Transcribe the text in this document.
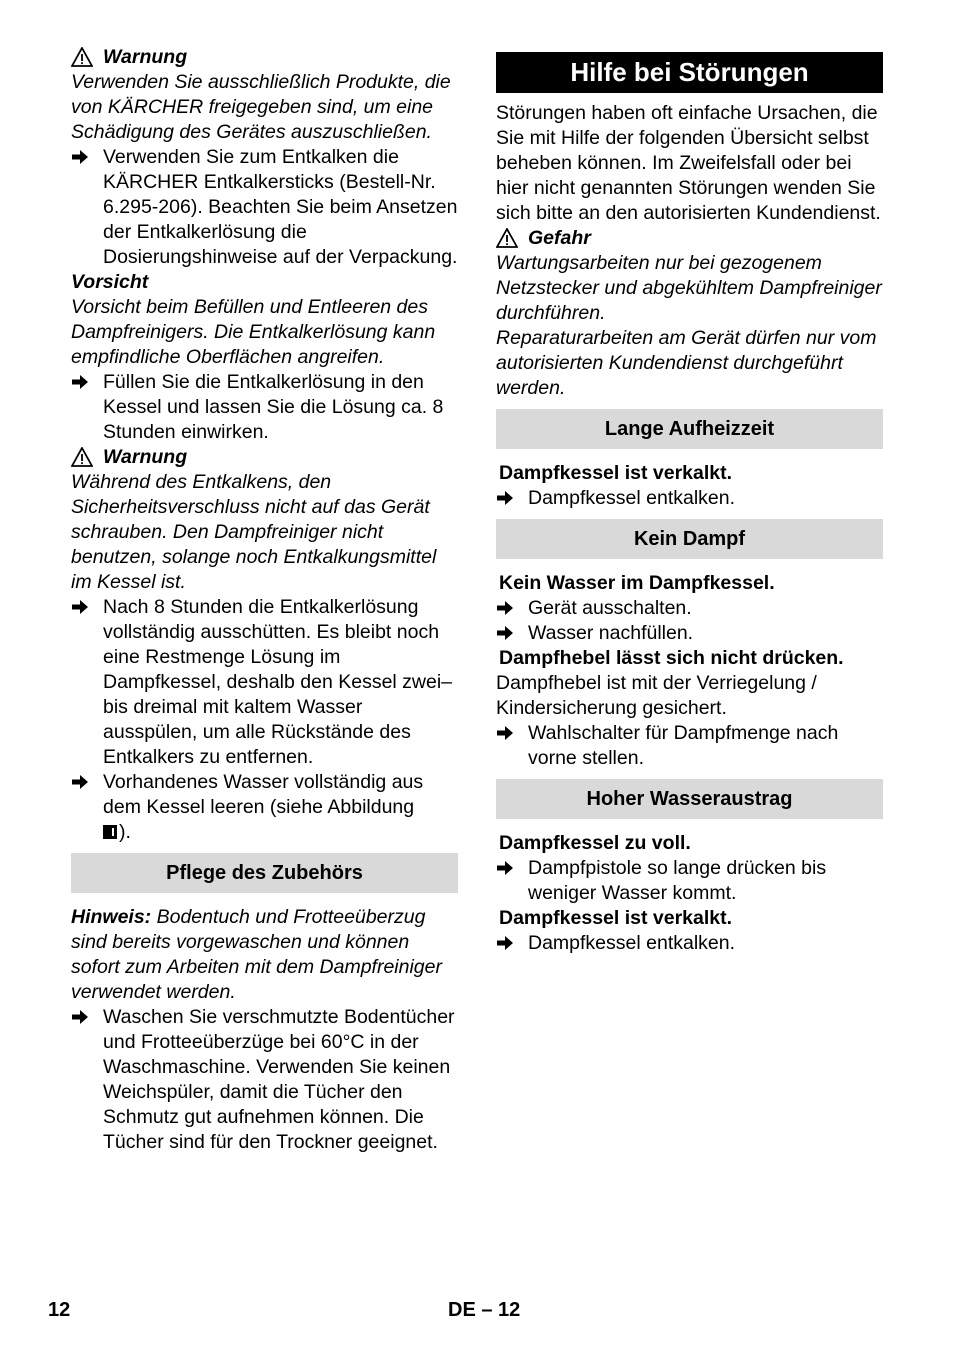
Warnung

Verwenden Sie ausschließlich Produkte, die von KÄRCHER freigegeben sind, um eine Schädigung des Gerätes auszuschließen.

Verwenden Sie zum Entkalken die KÄRCHER Entkalkersticks (Bestell-Nr. 6.295-206). Beachten Sie beim Ansetzen der Entkalkerlösung die Dosierungshinweise auf der Verpackung.

Vorsicht

Vorsicht beim Befüllen und Entleeren des Dampfreinigers. Die Entkalkerlösung kann empfindliche Oberflächen angreifen.

Füllen Sie die Entkalkerlösung in den Kessel und lassen Sie die Lösung ca. 8 Stunden einwirken.
Warnung

Während des Entkalkens, den Sicherheitsverschluss nicht auf das Gerät schrauben. Den Dampfreiniger nicht benutzen, solange noch Entkalkungsmittel im Kessel ist.

Nach 8 Stunden die Entkalkerlösung vollständig ausschütten. Es bleibt noch eine Restmenge Lösung im Dampfkessel, deshalb den Kessel zwei– bis dreimal mit kaltem Wasser ausspülen, um alle Rückstände des Entkalkers zu entfernen.
Vorhandenes Wasser vollständig aus dem Kessel leeren (siehe Abbildung
).
Pflege des Zubehörs

Hinweis: Bodentuch und Frotteeüberzug sind bereits vorgewaschen und können sofort zum Arbeiten mit dem Dampfreiniger verwendet werden.

Waschen Sie verschmutzte Bodentücher und Frotteeüberzüge bei 60°C in der Waschmaschine. Verwenden Sie keinen Weichspüler, damit die Tücher den Schmutz gut aufnehmen können. Die Tücher sind für den Trockner geeignet.
Hilfe bei Störungen

Störungen haben oft einfache Ursachen, die Sie mit Hilfe der folgenden Übersicht selbst beheben können. Im Zweifelsfall oder bei hier nicht genannten Störungen wenden Sie sich bitte an den autorisierten Kundendienst.

Gefahr

Wartungsarbeiten nur bei gezogenem Netzstecker und abgekühltem Dampfreiniger durchführen.

Reparaturarbeiten am Gerät dürfen nur vom autorisierten Kundendienst durchgeführt werden.

Lange Aufheizzeit

Dampfkessel ist verkalkt.

Dampfkessel entkalken.
Kein Dampf

Kein Wasser im Dampfkessel.

Gerät ausschalten.
Wasser nachfüllen.

Dampfhebel lässt sich nicht drücken.

Dampfhebel ist mit der Verriegelung / Kindersicherung gesichert.

Wahlschalter für Dampfmenge nach vorne stellen.
Hoher Wasseraustrag

Dampfkessel zu voll.

Dampfpistole so lange drücken bis weniger Wasser kommt.

Dampfkessel ist verkalkt.

Dampfkessel entkalken.
12	DE – 12
